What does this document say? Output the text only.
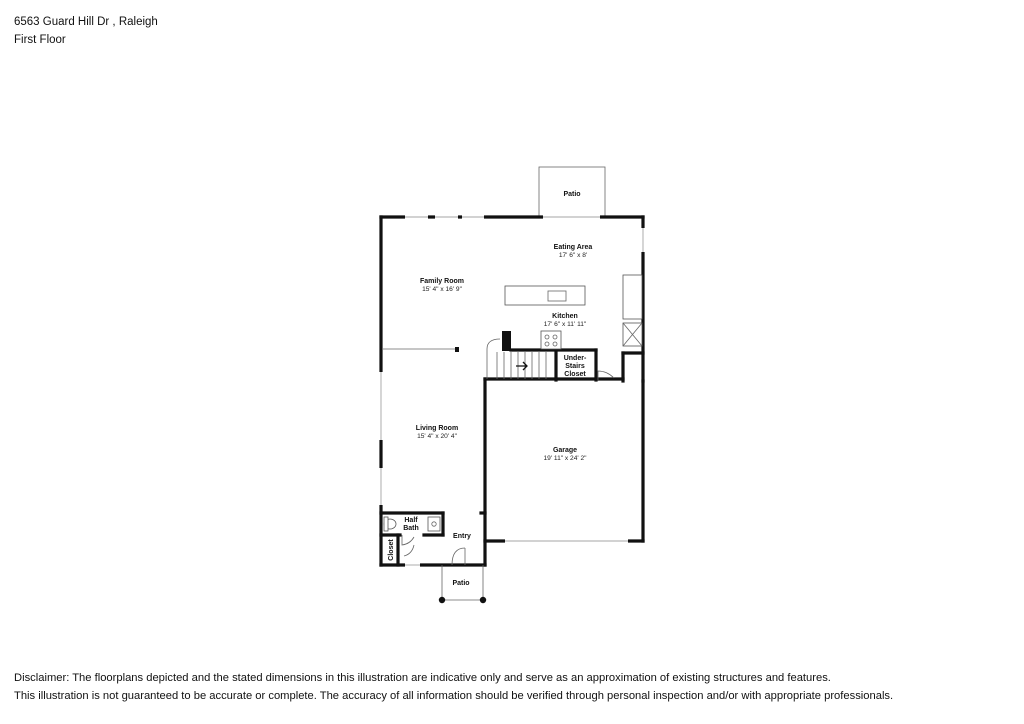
6563 Guard Hill Dr , Raleigh
First Floor
Patio
Eating Area
17' 6" x 8'
Family Room
15' 4" x 16' 9"
Kitchen
17' 6" x 11' 11"
Under-
Stairs
Closet
Living Room
15' 4" x 20' 4"
Garage
19' 11" x 24' 2"
Half
Bath
Entry
Closet
Patio
Disclaimer: The floorplans depicted and the stated dimensions in this illustration are indicative only and serve as an approximation of existing structures and features.
This illustration is not guaranteed to be accurate or complete. The accuracy of all information should be verified through personal inspection and/or with appropriate professionals.
